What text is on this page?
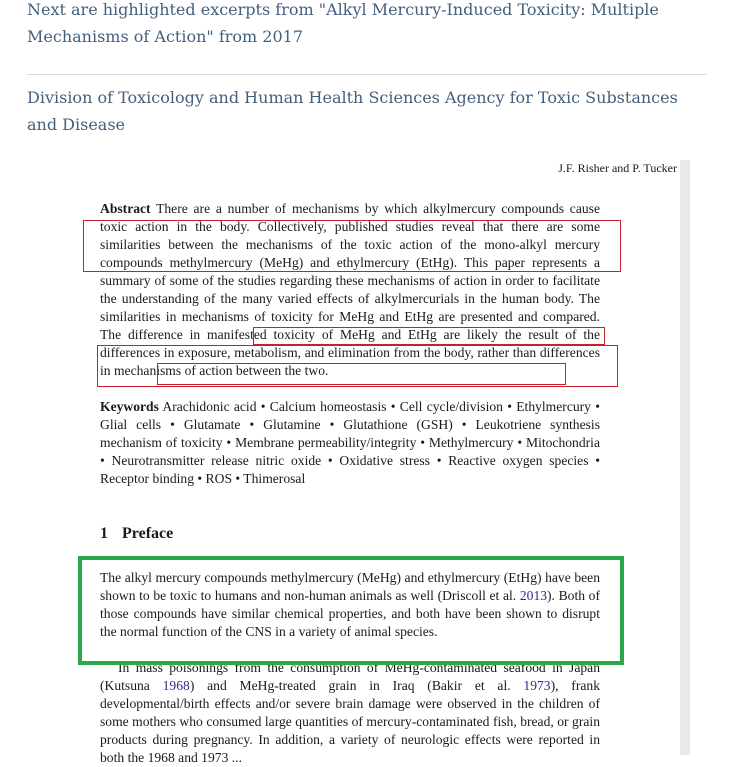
Next are highlighted excerpts from "Alkyl Mercury-Induced Toxicity: Multiple Mechanisms of Action" from 2017

Division of Toxicology and Human Health Sciences Agency for Toxic Substances and Disease

J.F. Risher and P. Tucker
Abstract There are a number of mechanisms by which alkylmercury compounds cause toxic action in the body. Collectively, published studies reveal that there are some similarities between the mechanisms of the toxic action of the mono-alkyl mercury compounds methylmercury (MeHg) and ethylmercury (EtHg). This paper represents a summary of some of the studies regarding these mechanisms of action in order to facilitate the understanding of the many varied effects of alkylmercurials in the human body. The similarities in mechanisms of toxicity for MeHg and EtHg are presented and compared. The difference in manifested toxicity of MeHg and EtHg are likely the result of the differences in exposure, metabolism, and elimination from the body, rather than differences in mechanisms of action between the two.
Keywords Arachidonic acid • Calcium homeostasis • Cell cycle/division • Ethylmercury • Glial cells • Glutamate • Glutamine • Glutathione (GSH) • Leukotriene synthesis mechanism of toxicity • Membrane permeability/integrity • Methylmercury • Mitochondria • Neurotransmitter release nitric oxide • Oxidative stress • Reactive oxygen species • Receptor binding • ROS • Thimerosal
1 Preface
The alkyl mercury compounds methylmercury (MeHg) and ethylmercury (EtHg) have been shown to be toxic to humans and non-human animals as well (Driscoll et al. 2013). Both of those compounds have similar chemical properties, and both have been shown to disrupt the normal function of the CNS in a variety of animal species.
In mass poisonings from the consumption of MeHg-contaminated seafood in Japan (Kutsuna 1968) and MeHg-treated grain in Iraq (Bakir et al. 1973), frank developmental/birth effects and/or severe brain damage were observed in the children of some mothers who consumed large quantities of mercury-contaminated fish, bread, or grain products during pregnancy. In addition, a variety of neurologic effects were reported in both the 1968 and 1973 ...
